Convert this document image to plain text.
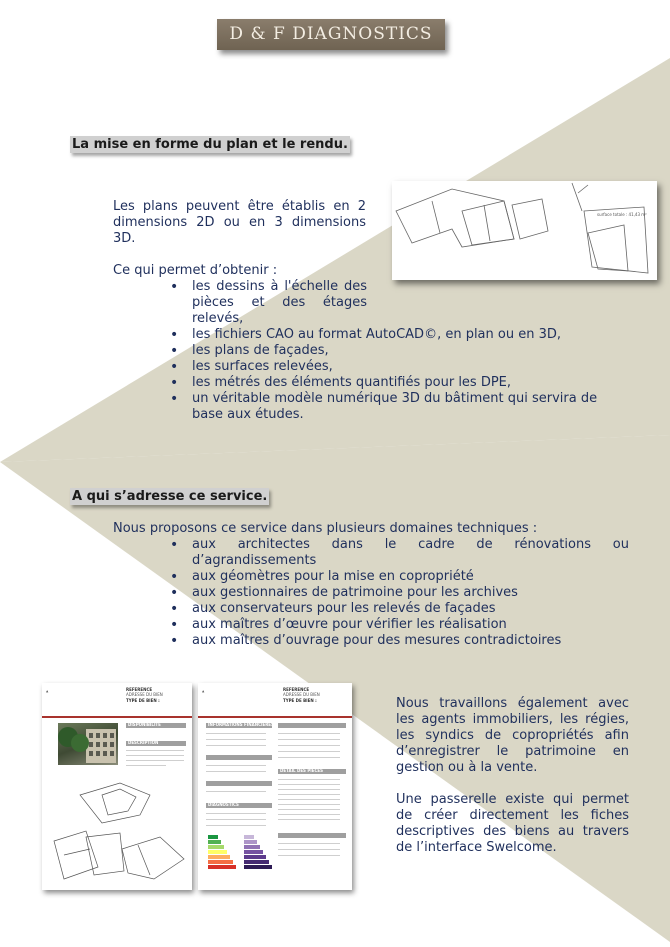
D & F DIAGNOSTICS
La mise en forme du plan et le rendu.
Les plans peuvent être établis en 2 dimensions 2D ou en 3 dimensions 3D.
Ce qui permet d’obtenir :
• les dessins à l'échelle des pièces et des étages relevés,
• les fichiers CAO au format AutoCAD©, en plan ou en 3D,
• les plans de façades,
• les surfaces relevées,
• les métrés des éléments quantifiés pour les DPE,
• un véritable modèle numérique 3D du bâtiment qui servira de base aux études.
surface totale : 41,43 m²
A qui s’adresse ce service.
Nous proposons ce service dans plusieurs domaines techniques :
• aux architectes dans le cadre de rénovations ou d’agrandissements
• aux géomètres pour la mise en copropriété
• aux gestionnaires de patrimoine pour les archives
• aux conservateurs pour les relevés de façades
• aux maîtres d’œuvre pour vérifier les réalisation
• aux maîtres d’ouvrage pour des mesures contradictoires
▲	REFERENCE
ADRESSE DU BIEN
TYPE DE BIEN :
DISPONIBILITE
DESCRIPTION
▲	REFERENCE
ADRESSE DU BIEN
TYPE DE BIEN :
INFORMATIONS FINANCIERES
DIAGNOSTICS
DETAIL DES PIECES
Nous travaillons également avec les agents immobiliers, les régies, les syndics de copropriétés afin d’enregistrer le patrimoine en gestion ou à la vente.
Une passerelle existe qui permet de créer directement les fiches descriptives des biens au travers de l’interface Swelcome.
